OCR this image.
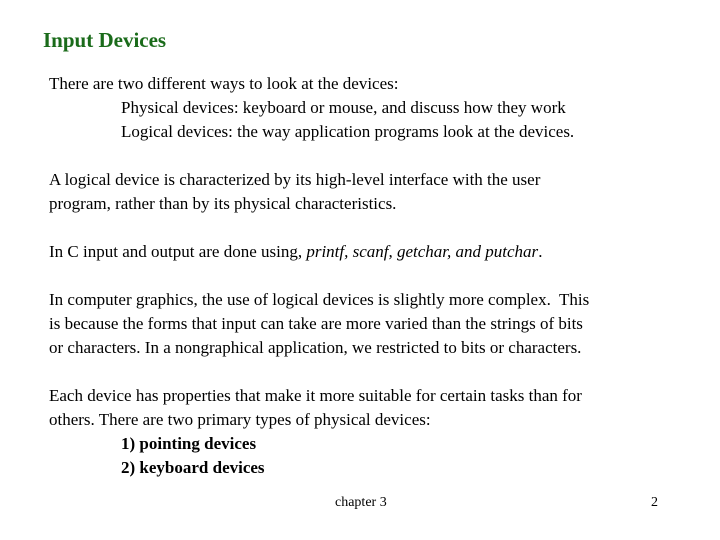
Input Devices
There are two different ways to look at the devices:
Physical devices: keyboard or mouse, and discuss how they work
Logical devices: the way application programs look at the devices.
A logical device is characterized by its high-level interface with the user
program, rather than by its physical characteristics.
In C input and output are done using, printf, scanf, getchar, and putchar.
In computer graphics, the use of logical devices is slightly more complex.  This
is because the forms that input can take are more varied than the strings of bits
or characters. In a nongraphical application, we restricted to bits or characters.
Each device has properties that make it more suitable for certain tasks than for
others. There are two primary types of physical devices:
1) pointing devices
2) keyboard devices
chapter 3	2
